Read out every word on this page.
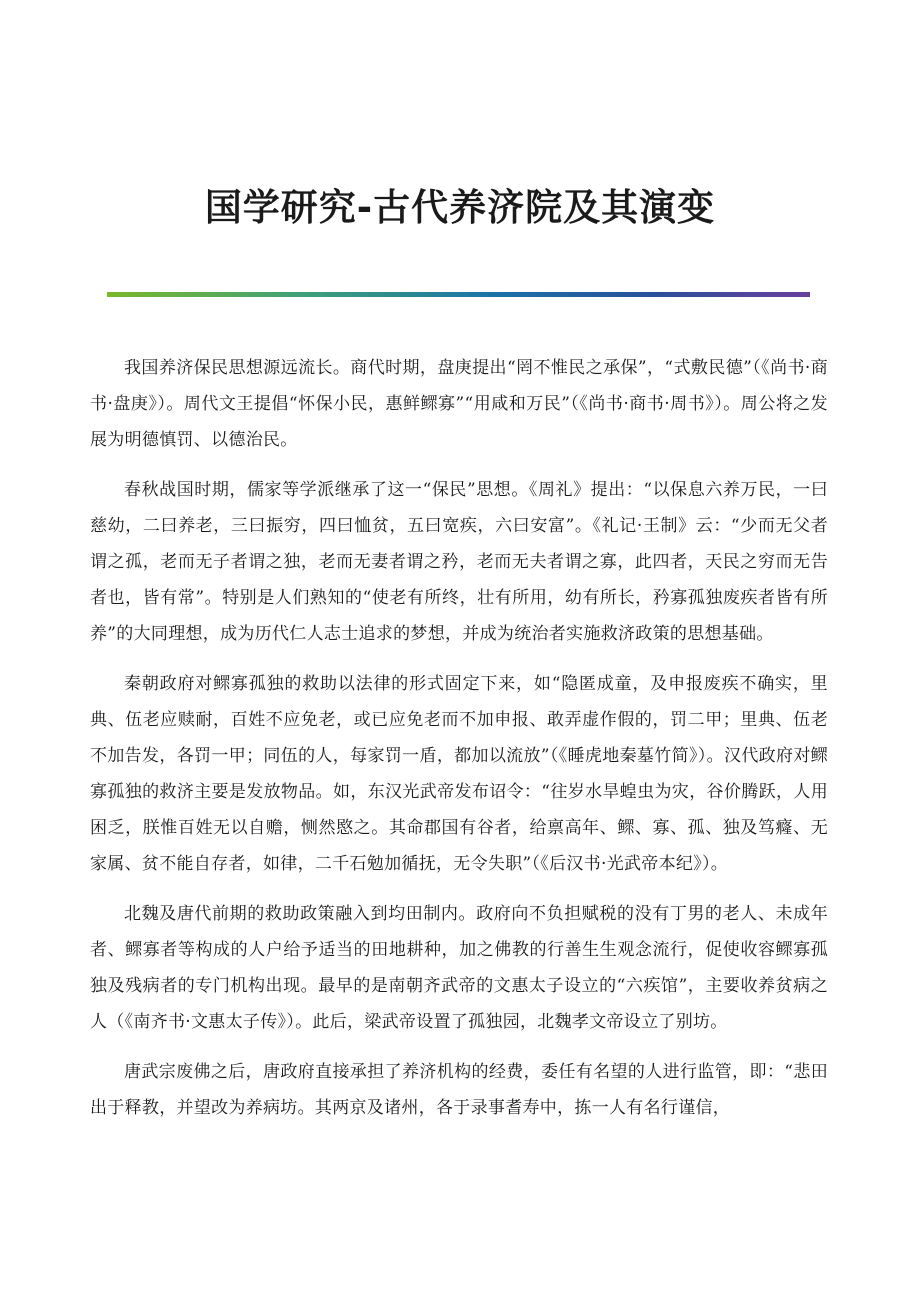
国学研究-古代养济院及其演变

我国养济保民思想源远流长。商代时期，盘庚提出“罔不惟民之承保”，“式敷民德”（《尚书·商书·盘庚》）。周代文王提倡“怀保小民，惠鲜鳏寡”“用咸和万民”（《尚书·商书·周书》）。周公将之发展为明德慎罚、以德治民。

春秋战国时期，儒家等学派继承了这一“保民”思想。《周礼》提出：“以保息六养万民，一曰慈幼，二曰养老，三曰振穷，四曰恤贫，五曰宽疾，六曰安富”。《礼记·王制》云：“少而无父者谓之孤，老而无子者谓之独，老而无妻者谓之矜，老而无夫者谓之寡，此四者，天民之穷而无告者也，皆有常”。特别是人们熟知的“使老有所终，壮有所用，幼有所长，矜寡孤独废疾者皆有所养”的大同理想，成为历代仁人志士追求的梦想，并成为统治者实施救济政策的思想基础。

秦朝政府对鳏寡孤独的救助以法律的形式固定下来，如“隐匿成童，及申报废疾不确实，里典、伍老应赎耐，百姓不应免老，或已应免老而不加申报、敢弄虚作假的，罚二甲；里典、伍老不加告发，各罚一甲；同伍的人，每家罚一盾，都加以流放”（《睡虎地秦墓竹简》）。汉代政府对鳏寡孤独的救济主要是发放物品。如，东汉光武帝发布诏令：“往岁水旱蝗虫为灾，谷价腾跃，人用困乏，朕惟百姓无以自赡，恻然愍之。其命郡国有谷者，给禀高年、鳏、寡、孤、独及笃癃、无家属、贫不能自存者，如律，二千石勉加循抚，无令失职”（《后汉书·光武帝本纪》）。

北魏及唐代前期的救助政策融入到均田制内。政府向不负担赋税的没有丁男的老人、未成年者、鳏寡者等构成的人户给予适当的田地耕种，加之佛教的行善生生观念流行，促使收容鳏寡孤独及残病者的专门机构出现。最早的是南朝齐武帝的文惠太子设立的“六疾馆”，主要收养贫病之人（《南齐书·文惠太子传》）。此后，梁武帝设置了孤独园，北魏孝文帝设立了别坊。

唐武宗废佛之后，唐政府直接承担了养济机构的经费，委任有名望的人进行监管，即：“悲田出于释教，并望改为养病坊。其两京及诸州，各于录事耆寿中，拣一人有名行谨信，
